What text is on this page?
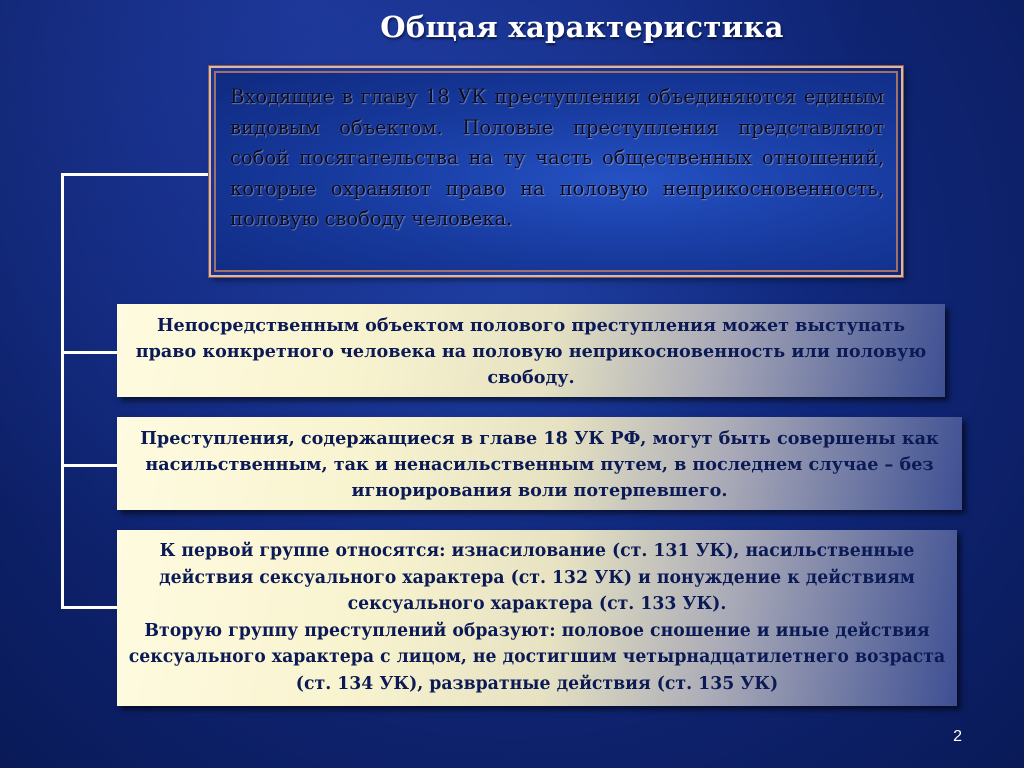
Общая характеристика

Входящие в главу 18 УК преступления объединяются единым видовым объектом. Половые преступления представляют собой посягательства на ту часть общественных отношений, которые охраняют право на половую неприкосновенность, половую свободу человека.

Непосредственным объектом полового преступления может выступать право конкретного человека на половую неприкосновенность или половую свободу.

Преступления, содержащиеся в главе 18 УК РФ, могут быть совершены как насильственным, так и ненасильственным путем, в последнем случае – без игнорирования воли потерпевшего.

К первой группе относятся: изнасилование (ст. 131 УК), насильственные действия сексуального характера (ст. 132 УК) и понуждение к действиям сексуального характера (ст. 133 УК).

Вторую группу преступлений образуют: половое сношение и иные действия сексуального характера с лицом, не достигшим четырнадцатилетнего возраста (ст. 134 УК), развратные действия (ст. 135 УК)

2
